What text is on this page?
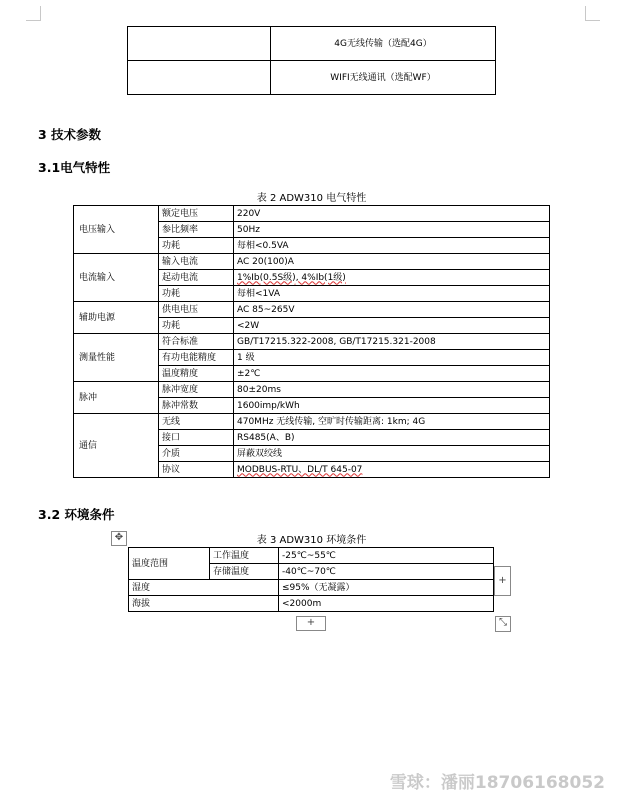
	4G无线传输（选配4G）
	WIFI无线通讯（选配WF）
3 技术参数
3.1电气特性
表 2 ADW310 电气特性
电压输入	额定电压	220V
	参比频率	50Hz
	功耗	每相<0.5VA
电流输入	输入电流	AC 20(100)A
	起动电流	1%Ib(0.5S级), 4%Ib(1级)
	功耗	每相<1VA
辅助电源	供电电压	AC 85~265V
	功耗	<2W
测量性能	符合标准	GB/T17215.322-2008, GB/T17215.321-2008
	有功电能精度	1 级
	温度精度	±2℃
脉冲	脉冲宽度	80±20ms
	脉冲常数	1600imp/kWh
通信	无线	470MHz 无线传输, 空旷时传输距离: 1km; 4G
	接口	RS485(A、B)
	介质	屏蔽双绞线
	协议	MODBUS-RTU、DL/T 645-07
3.2 环境条件
表 3 ADW310 环境条件
✥
温度范围	工作温度	-25℃~55℃
	存储温度	-40℃~70℃
湿度		≤95%（无凝露）
海拔		<2000m
+
+	⤡
雪球：潘丽18706168052
